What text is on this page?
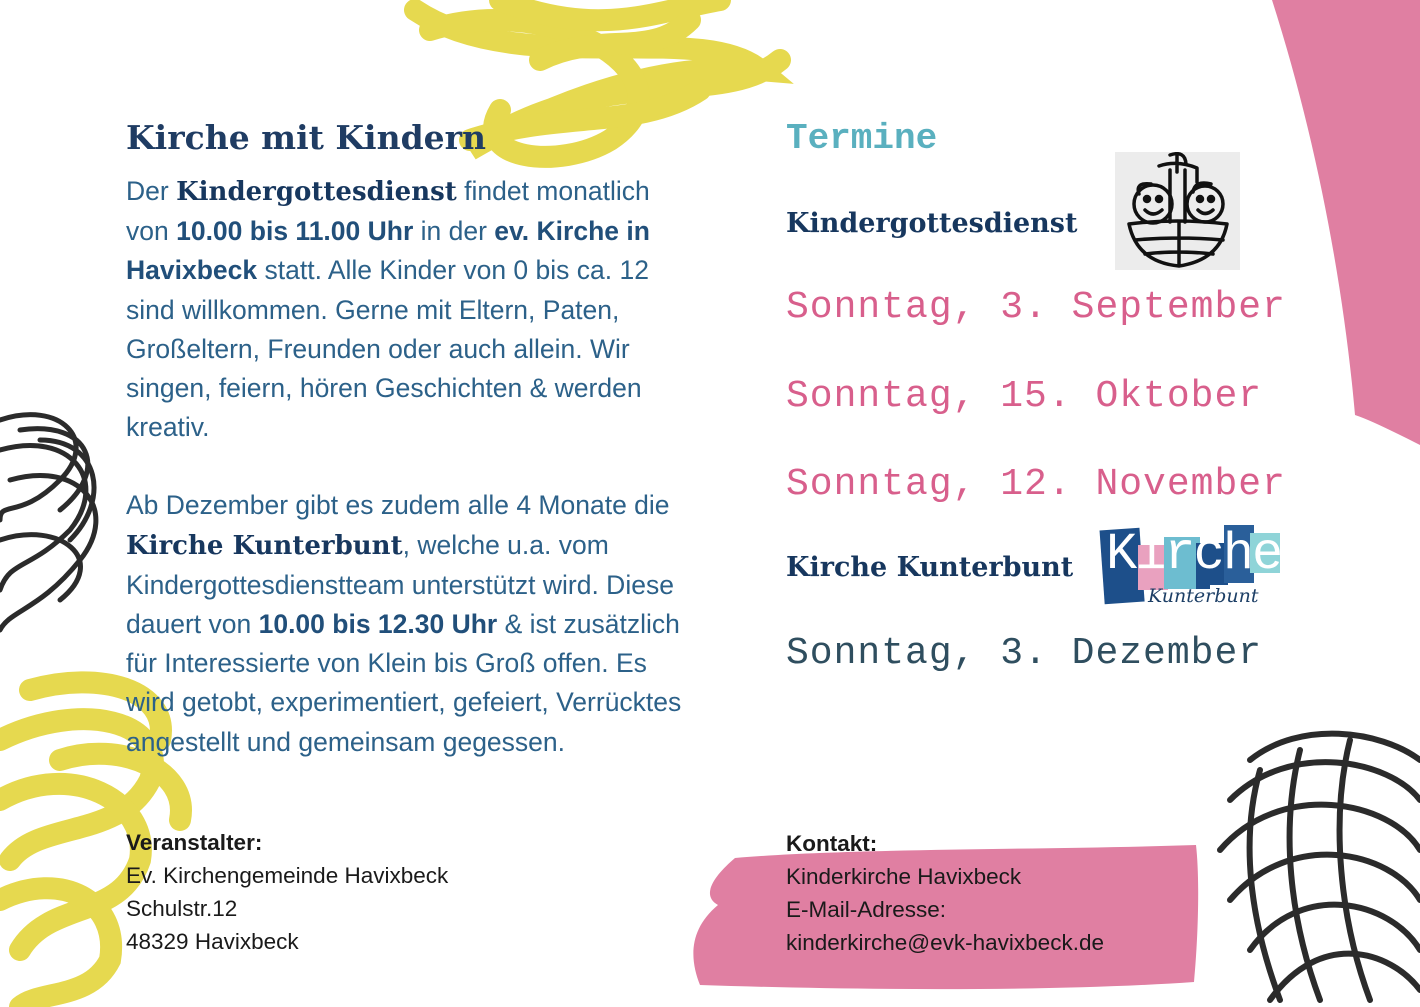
Kirche mit Kindern

Der Kindergottesdienst findet monatlich von 10.00 bis 11.00 Uhr in der ev. Kirche in Havixbeck statt. Alle Kinder von 0 bis ca. 12 sind willkommen. Gerne mit Eltern, Paten, Großeltern, Freunden oder auch allein. Wir singen, feiern, hören Geschichten & werden kreativ.

Ab Dezember gibt es zudem alle 4 Monate die Kirche Kunterbunt, welche u.a. vom Kindergottesdienstteam unterstützt wird. Diese dauert von 10.00 bis 12.30 Uhr & ist zusätzlich für Interessierte von Klein bis Groß offen. Es wird getobt, experimentiert, gefeiert, Verrücktes angestellt und gemeinsam gegessen.

Veranstalter:
Ev. Kirchengemeinde Havixbeck
Schulstr.12
48329 Havixbeck
Termine
Kindergottesdienst
Sonntag, 3. September
Sonntag, 15. Oktober
Sonntag, 12. November
Kirche Kunterbunt Kirche
Kunterbunt
Sonntag, 3. Dezember
Kontakt:
Kinderkirche Havixbeck
E-Mail-Adresse:
kinderkirche@evk-havixbeck.de
